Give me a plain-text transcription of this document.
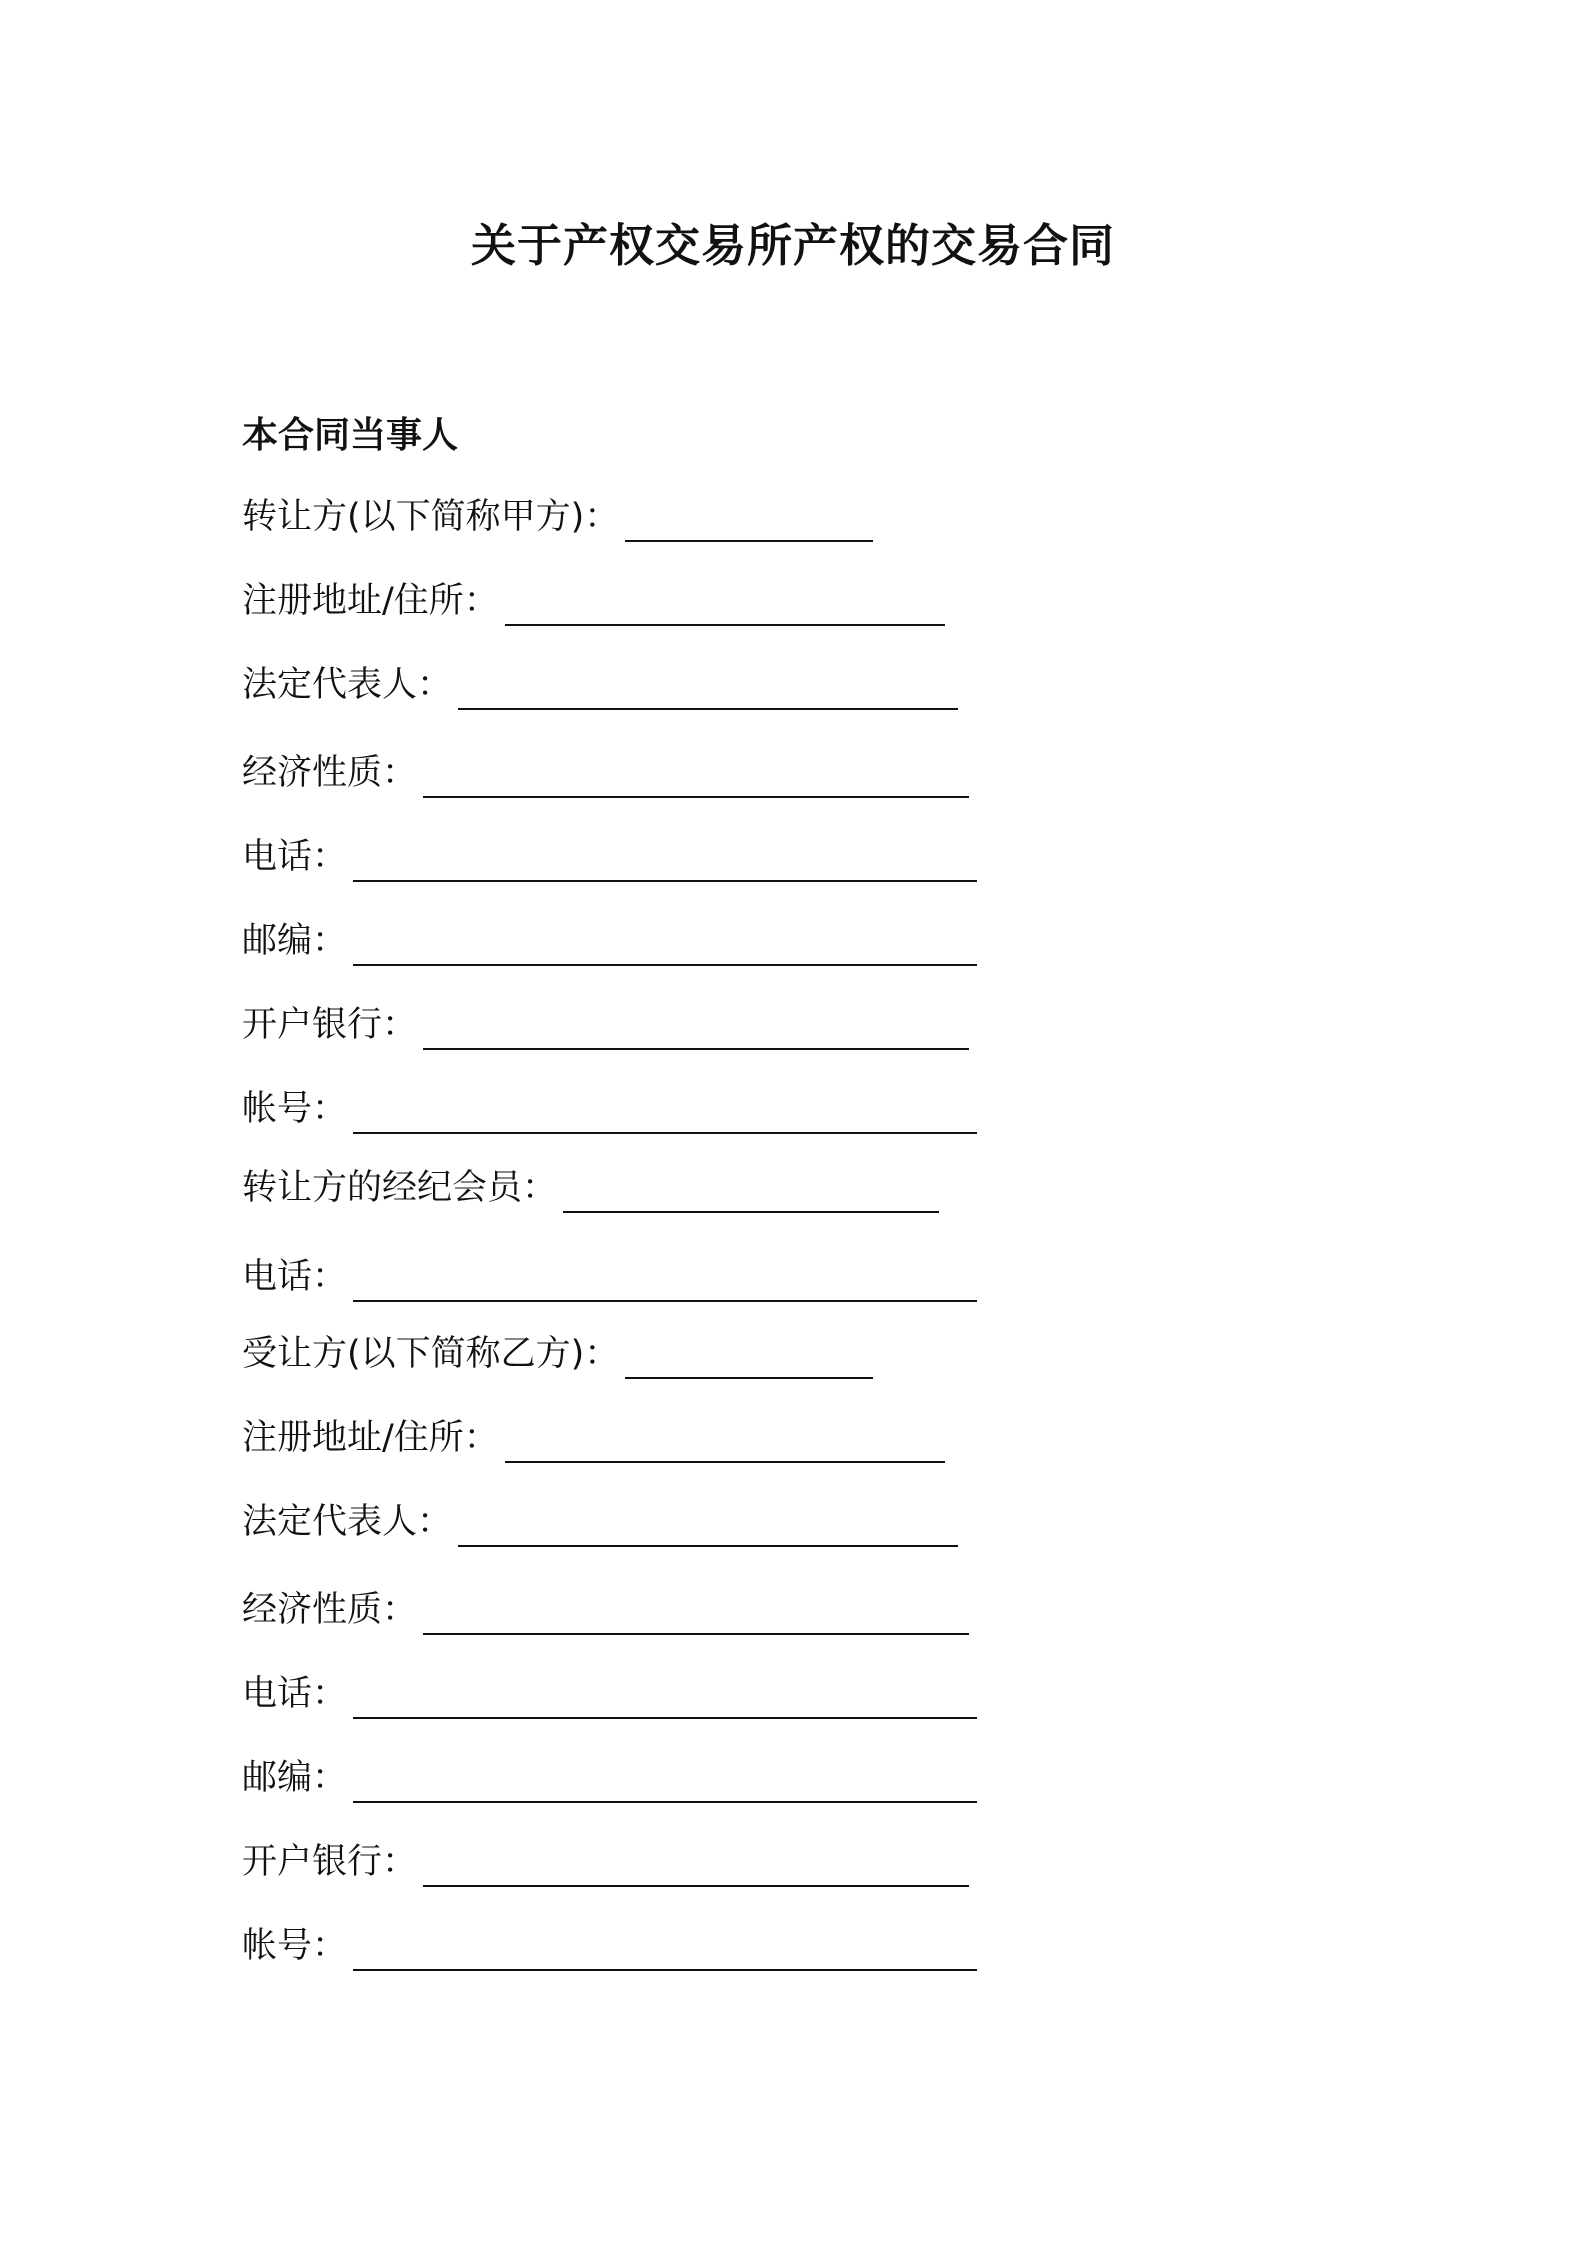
关于产权交易所产权的交易合同
本合同当事人
转让方(以下简称甲方)：
注册地址/住所：
法定代表人：
经济性质：
电话：
邮编：
开户银行：
帐号：
转让方的经纪会员：
电话：
受让方(以下简称乙方)：
注册地址/住所：
法定代表人：
经济性质：
电话：
邮编：
开户银行：
帐号：
